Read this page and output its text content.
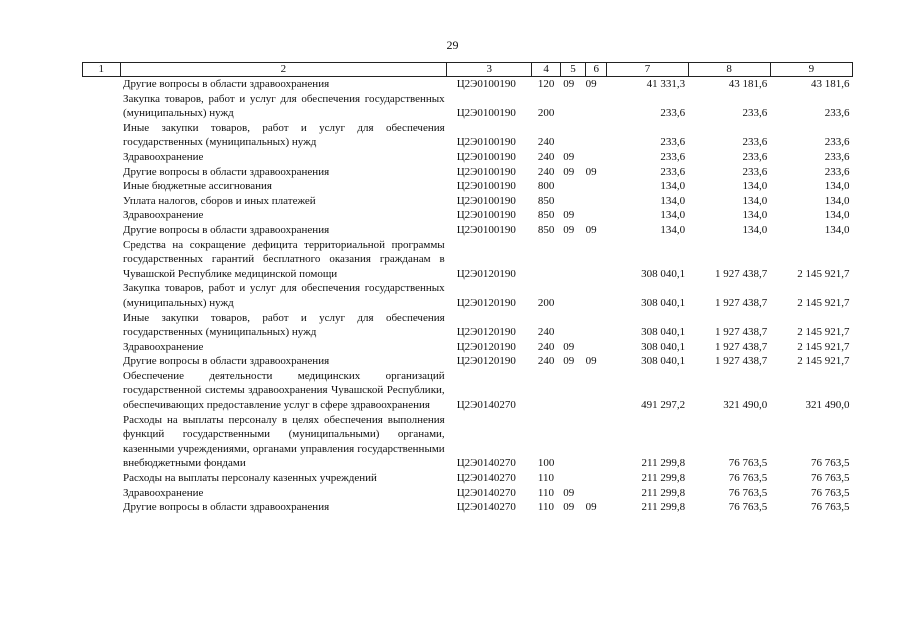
29
1	2	3	4	5	6	7	8	9
	Другие вопросы в области здравоохранения	Ц2Э0100190	120	09	09	41 331,3	43 181,6	43 181,6
	Закупка товаров, работ и услуг для обеспечения государственных (муниципальных) нужд	Ц2Э0100190	200			233,6	233,6	233,6
	Иные закупки товаров, работ и услуг для обеспечения государственных (муниципальных) нужд	Ц2Э0100190	240			233,6	233,6	233,6
	Здравоохранение	Ц2Э0100190	240	09		233,6	233,6	233,6
	Другие вопросы в области здравоохранения	Ц2Э0100190	240	09	09	233,6	233,6	233,6
	Иные бюджетные ассигнования	Ц2Э0100190	800			134,0	134,0	134,0
	Уплата налогов, сборов и иных платежей	Ц2Э0100190	850			134,0	134,0	134,0
	Здравоохранение	Ц2Э0100190	850	09		134,0	134,0	134,0
	Другие вопросы в области здравоохранения	Ц2Э0100190	850	09	09	134,0	134,0	134,0
	Средства на сокращение дефицита территориальной программы государственных гарантий бесплатного оказания гражданам в Чувашской Республике медицинской помощи	Ц2Э0120190				308 040,1	1 927 438,7	2 145 921,7
	Закупка товаров, работ и услуг для обеспечения государственных (муниципальных) нужд	Ц2Э0120190	200			308 040,1	1 927 438,7	2 145 921,7
	Иные закупки товаров, работ и услуг для обеспечения государственных (муниципальных) нужд	Ц2Э0120190	240			308 040,1	1 927 438,7	2 145 921,7
	Здравоохранение	Ц2Э0120190	240	09		308 040,1	1 927 438,7	2 145 921,7
	Другие вопросы в области здравоохранения	Ц2Э0120190	240	09	09	308 040,1	1 927 438,7	2 145 921,7
	Обеспечение деятельности медицинских организаций государственной системы здравоохранения Чувашской Республики, обеспечивающих предоставление услуг в сфере здравоохранения	Ц2Э0140270				491 297,2	321 490,0	321 490,0
	Расходы на выплаты персоналу в целях обеспечения выполнения функций государственными (муниципальными) органами, казенными учреждениями, органами управления государственными внебюджетными фондами	Ц2Э0140270	100			211 299,8	76 763,5	76 763,5
	Расходы на выплаты персоналу казенных учреждений	Ц2Э0140270	110			211 299,8	76 763,5	76 763,5
	Здравоохранение	Ц2Э0140270	110	09		211 299,8	76 763,5	76 763,5
	Другие вопросы в области здравоохранения	Ц2Э0140270	110	09	09	211 299,8	76 763,5	76 763,5
